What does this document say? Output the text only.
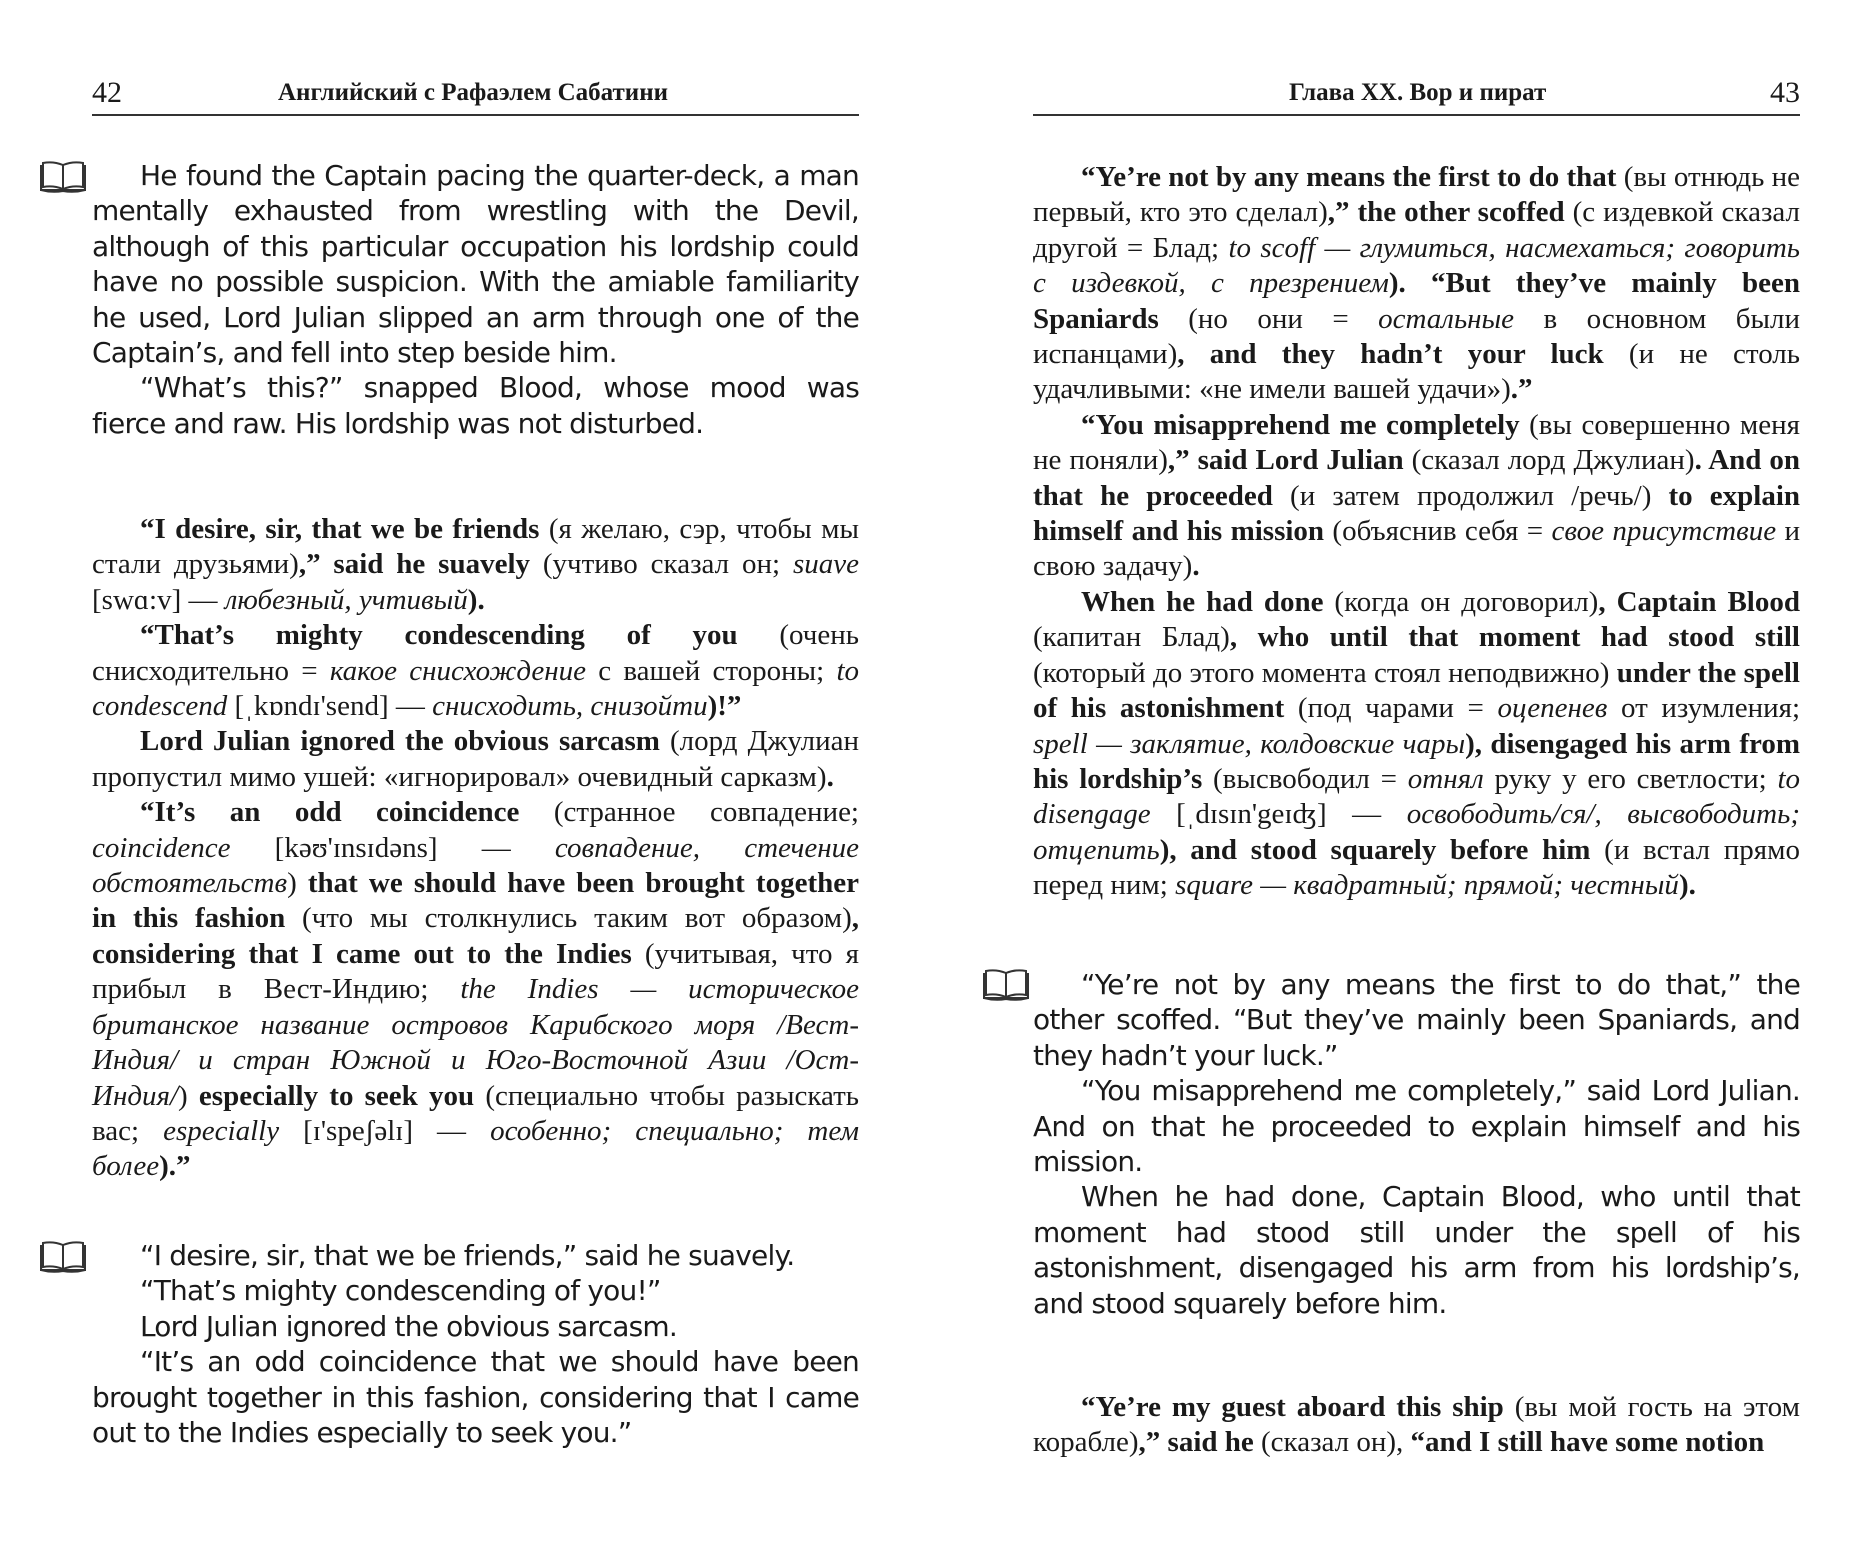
42	Английский с Рафаэлем Сабатини

He found the Captain pacing the quarter-deck, a man mentally exhausted from wrestling with the Devil, although of this particular occupation his lordship could have no possible suspicion. With the amiable familiarity he used, Lord Julian slipped an arm through one of the Captain’s, and fell into step beside him.

“What’s this?” snapped Blood, whose mood was fierce and raw. His lordship was not disturbed.

“I desire, sir, that we be friends (я желаю, сэр, чтобы мы стали друзьями),” said he suavely (учтиво сказал он; suave [swɑ:v] — любезный, учтивый).

“That’s mighty condescending of you (очень снисходительно = какое снисхождение с вашей стороны; to condescend [ˌkɒndɪ'send] — снисходить, снизойти)!”

Lord Julian ignored the obvious sarcasm (лорд Джулиан пропустил мимо ушей: «игнорировал» очевидный сарказм).

“It’s an odd coincidence (странное совпадение; coincidence [kəʊ'ɪnsɪdəns] — совпадение, стечение обстоятельств) that we should have been brought together in this fashion (что мы столкнулись таким вот образом), considering that I came out to the Indies (учитывая, что я прибыл в Вест-Индию; the Indies — историческое британское название островов Карибского моря /Вест-Индия/ и стран Южной и Юго-Восточной Азии /Ост-Индия/) especially to seek you (специально чтобы разыскать вас; especially [ɪ'speʃəlɪ] — особенно; специально; тем более).”

“I desire, sir, that we be friends,” said he suavely.

“That’s mighty condescending of you!”

Lord Julian ignored the obvious sarcasm.

“It’s an odd coincidence that we should have been brought together in this fashion, considering that I came out to the Indies especially to seek you.”

Глава XX. Вор и пират	43

“Ye’re not by any means the first to do that (вы отнюдь не первый, кто это сделал),” the other scoffed (с издевкой сказал другой = Блад; to scoff — глумиться, насмехаться; говорить с издевкой, с презрением). “But they’ve mainly been Spaniards (но они = остальные в основном были испанцами), and they hadn’t your luck (и не столь удачливыми: «не имели вашей удачи»).”

“You misapprehend me completely (вы совершенно меня не поняли),” said Lord Julian (сказал лорд Джулиан). And on that he proceeded (и затем продолжил /речь/) to explain himself and his mission (объяснив себя = свое присутствие и свою задачу).

When he had done (когда он договорил), Captain Blood (капитан Блад), who until that moment had stood still (который до этого момента стоял неподвижно) under the spell of his astonishment (под чарами = оцепенев от изумления; spell — заклятие, колдовские чары), disengaged his arm from his lordship’s (высвободил = отнял руку у его светлости; to disengage [ˌdɪsɪn'geɪʤ] — освободить/ся/, высвободить; отцепить), and stood squarely before him (и встал прямо перед ним; square — квадратный; прямой; честный).

“Ye’re not by any means the first to do that,” the other scoffed. “But they’ve mainly been Spaniards, and they hadn’t your luck.”

“You misapprehend me completely,” said Lord Julian. And on that he proceeded to explain himself and his mission.

When he had done, Captain Blood, who until that moment had stood still under the spell of his astonishment, disengaged his arm from his lordship’s, and stood squarely before him.

“Ye’re my guest aboard this ship (вы мой гость на этом корабле),” said he (сказал он), “and I still have some notion
